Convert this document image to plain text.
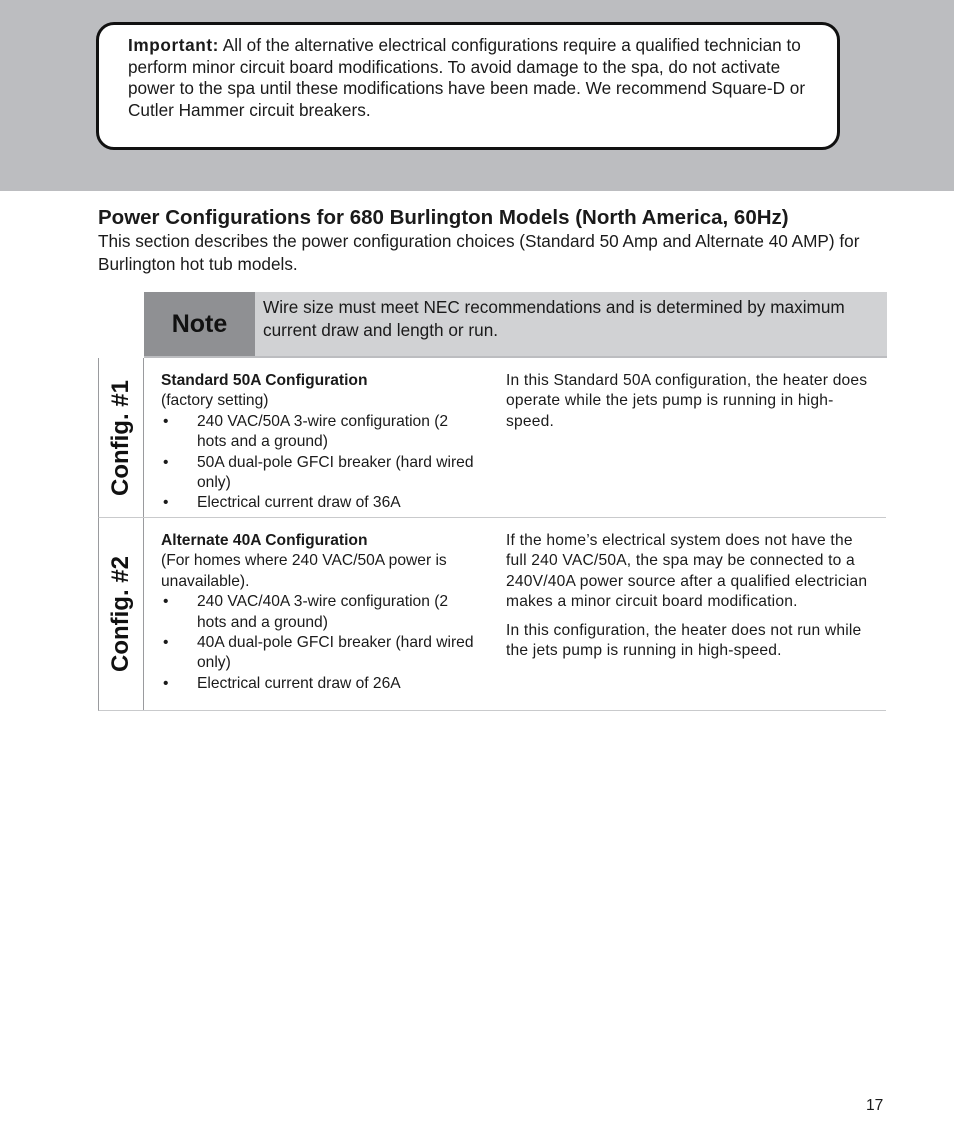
Important: All of the alternative electrical configurations require a qualified technician to perform minor circuit board modifications. To avoid damage to the spa, do not activate power to the spa until these modifications have been made. We recommend Square-D or Cutler Hammer circuit breakers.
Power Configurations for 680 Burlington Models (North America, 60Hz)

This section describes the power configuration choices (Standard 50 Amp and Alternate 40 AMP) for Burlington hot tub models.

Note
Wire size must meet NEC recommendations and is determined by maximum current draw and length or run.
Config. #1 Standard 50A Configuration
(factory setting)
• 240 VAC/50A 3-wire configuration (2 hots and a ground)
• 50A dual-pole GFCI breaker (hard wired only)
• Electrical current draw of 36A

In this Standard 50A configuration, the heater does operate while the jets pump is running in high-speed.

Config. #2
Alternate 40A Configuration
(For homes where 240 VAC/50A power is unavailable).
• 240 VAC/40A 3-wire configuration (2 hots and a ground)
• 40A dual-pole GFCI breaker (hard wired only)
• Electrical current draw of 26A

If the home’s electrical system does not have the full 240 VAC/50A, the spa may be connected to a 240V/40A power source after a qualified electrician makes a minor circuit board modification.

In this configuration, the heater does not run while the jets pump is running in high-speed.

17
